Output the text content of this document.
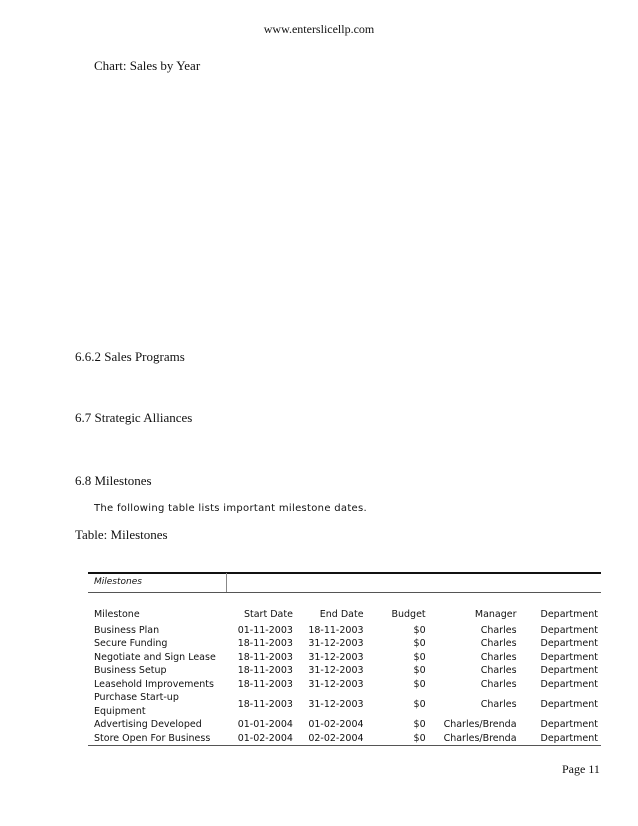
www.enterslicellp.com
Chart: Sales by Year
6.6.2 Sales Programs
6.7 Strategic Alliances
6.8 Milestones
The following table lists important milestone dates.
Table: Milestones
Milestones
Milestone	Start Date	End Date	Budget	Manager	Department
Business Plan	01-11-2003	18-11-2003	$0	Charles	Department
Secure Funding	18-11-2003	31-12-2003	$0	Charles	Department
Negotiate and Sign Lease	18-11-2003	31-12-2003	$0	Charles	Department
Business Setup	18-11-2003	31-12-2003	$0	Charles	Department
Leasehold Improvements	18-11-2003	31-12-2003	$0	Charles	Department
Purchase Start-up Equipment	18-11-2003	31-12-2003	$0	Charles	Department
Advertising Developed	01-01-2004	01-02-2004	$0	Charles/Brenda	Department
Store Open For Business	01-02-2004	02-02-2004	$0	Charles/Brenda	Department
Page 11
